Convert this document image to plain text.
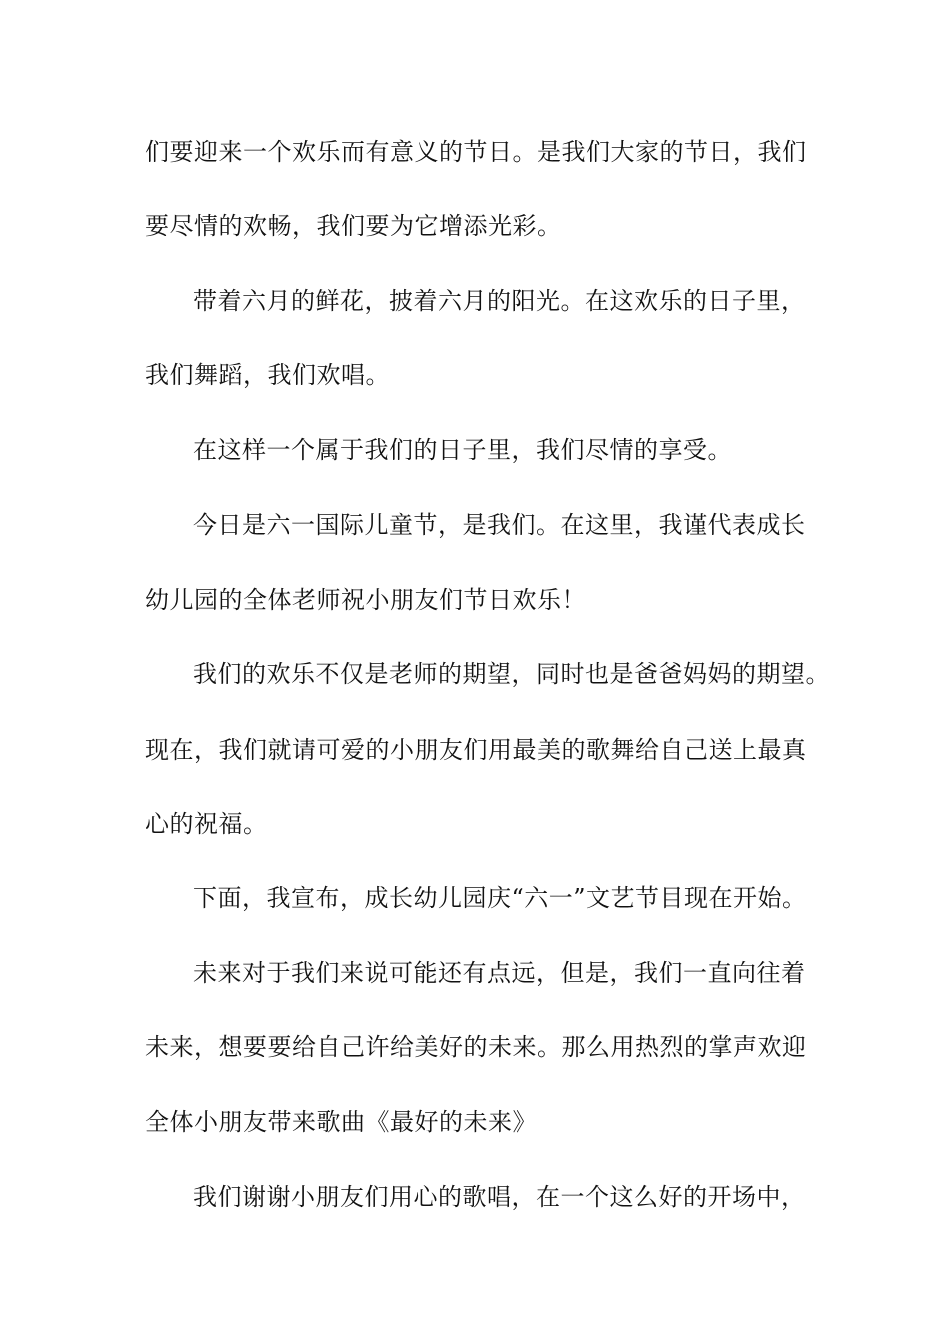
们要迎来一个欢乐而有意义的节日。是我们大家的节日，我们
要尽情的欢畅，我们要为它增添光彩。
带着六月的鲜花，披着六月的阳光。在这欢乐的日子里，
我们舞蹈，我们欢唱。
在这样一个属于我们的日子里，我们尽情的享受。
今日是六一国际儿童节，是我们。在这里，我谨代表成长
幼儿园的全体老师祝小朋友们节日欢乐！
我们的欢乐不仅是老师的期望，同时也是爸爸妈妈的期望。
现在，我们就请可爱的小朋友们用最美的歌舞给自己送上最真
心的祝福。
下面，我宣布，成长幼儿园庆“六一”文艺节目现在开始。
未来对于我们来说可能还有点远，但是，我们一直向往着
未来，想要要给自己许给美好的未来。那么用热烈的掌声欢迎
全体小朋友带来歌曲《最好的未来》
我们谢谢小朋友们用心的歌唱，在一个这么好的开场中，
